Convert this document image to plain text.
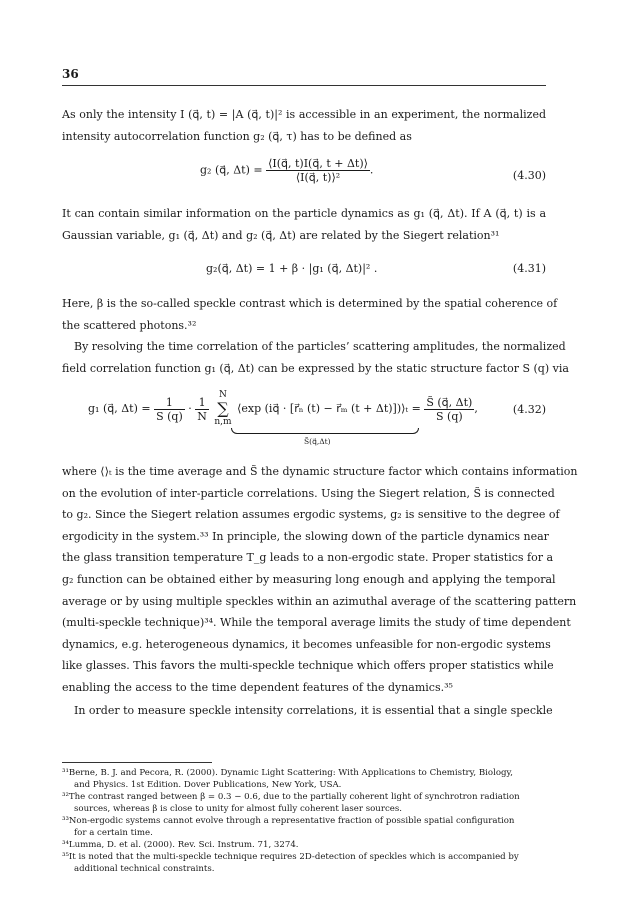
36
As only the intensity I (q⃗, t) = |A (q⃗, t)|² is accessible in an experiment, the normalized
intensity autocorrelation function g₂ (q⃗, τ) has to be defined as
g₂ (q⃗, $\Delta t) = \frac{⟨I(q⃗, t)I(q⃗, t + \Delta t)⟩}{\text{⟨I(q⃗, t)⟩²}}$ .	(4.30)
It can contain similar information on the particle dynamics as g₁ (q⃗, Δt). If A (q⃗, t) is a
Gaussian variable, g₁ (q⃗, Δt) and g₂ (q⃗, Δt) are related by the Siegert relation³¹
g₂(q⃗, Δt) = 1 + β · |g₁ (q⃗, Δt)|² .	(4.31)
Here, β is the so-called speckle contrast which is determined by the spatial coherence of
the scattered photons.³²
By resolving the time correlation of the particles’ scattering amplitudes, the normalized
field correlation function g₁ (q⃗, Δt) can be expressed by the static structure factor S (q) via
g₁ (q⃗, $\Delta t) = \frac{1}{S (q)} \cdot \frac{1}{N}$

N
∑
n,m
⟨exp (iq⃗ · [r⃗ₙ (t) − r⃗ₘ (t + Δt)])⟩ₜ = $\frac{S̃ (q⃗, \Delta t)}{S (q)}$ ,
S̃(q⃗,Δt)
(4.32)
where ⟨⟩ₜ is the time average and S̃ the dynamic structure factor which contains information
on the evolution of inter-particle correlations. Using the Siegert relation, S̃ is connected
to g₂. Since the Siegert relation assumes ergodic systems, g₂ is sensitive to the degree of
ergodicity in the system.³³ In principle, the slowing down of the particle dynamics near
the glass transition temperature T_g leads to a non-ergodic state. Proper statistics for a
g₂ function can be obtained either by measuring long enough and applying the temporal
average or by using multiple speckles within an azimuthal average of the scattering pattern
(multi-speckle technique)³⁴. While the temporal average limits the study of time dependent
dynamics, e.g. heterogeneous dynamics, it becomes unfeasible for non-ergodic systems
like glasses. This favors the multi-speckle technique which offers proper statistics while
enabling the access to the time dependent features of the dynamics.³⁵
In order to measure speckle intensity correlations, it is essential that a single speckle
³¹Berne, B. J. and Pecora, R. (2000). Dynamic Light Scattering: With Applications to Chemistry, Biology,
and Physics. 1st Edition. Dover Publications, New York, USA.
³²The contrast ranged between β = 0.3 − 0.6, due to the partially coherent light of synchrotron radiation
sources, whereas β is close to unity for almost fully coherent laser sources.
³³Non-ergodic systems cannot evolve through a representative fraction of possible spatial configuration
for a certain time.
³⁴Lumma, D. et al. (2000). Rev. Sci. Instrum. 71, 3274.
³⁵It is noted that the multi-speckle technique requires 2D-detection of speckles which is accompanied by
additional technical constraints.
